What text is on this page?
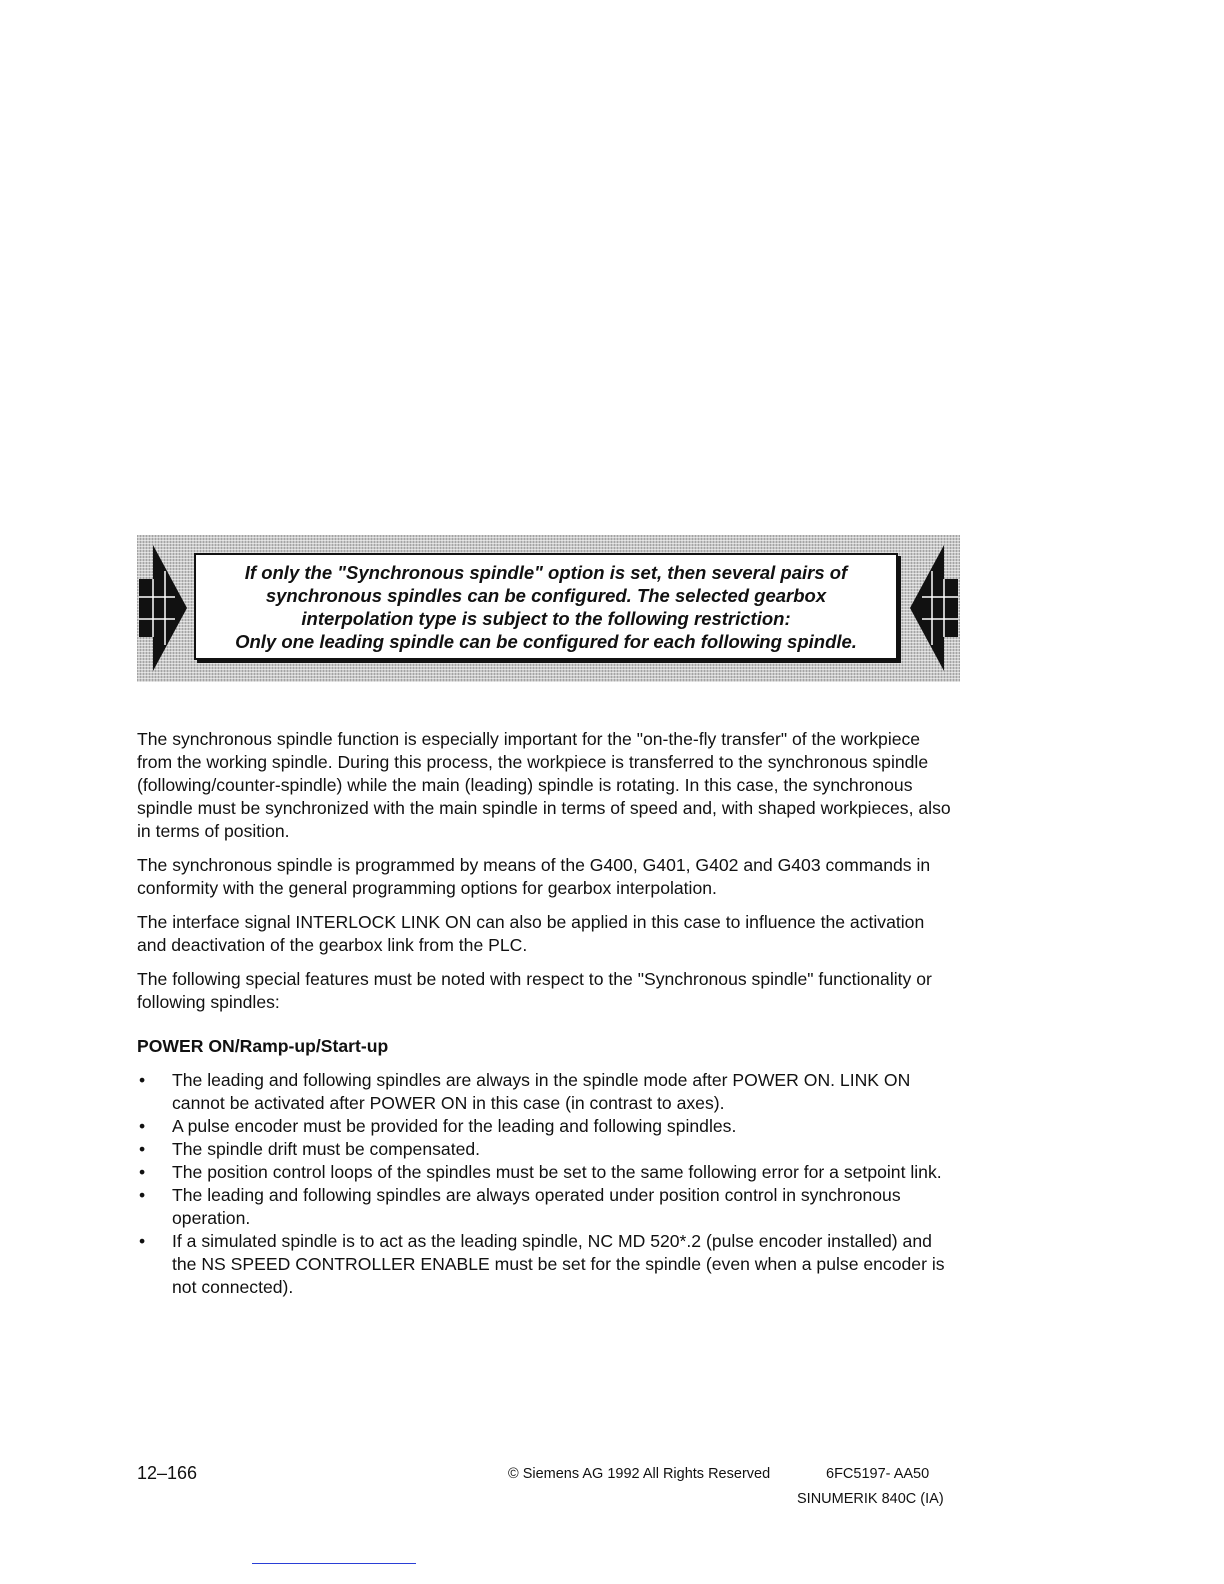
If only the "Synchronous spindle" option is set, then several pairs of
synchronous spindles can be configured. The selected gearbox
interpolation type is subject to the following restriction:
Only one leading spindle can be configured for each following spindle.

The synchronous spindle function is especially important for the "on-the-fly transfer" of the workpiece from the working spindle. During this process, the workpiece is transferred to the synchronous spindle (following/counter-spindle) while the main (leading) spindle is rotating. In this case, the synchronous spindle must be synchronized with the main spindle in terms of speed and, with shaped workpieces, also in terms of position.

The synchronous spindle is programmed by means of the G400, G401, G402 and G403 commands in conformity with the general programming options for gearbox interpolation.

The interface signal INTERLOCK LINK ON can also be applied in this case to influence the activation and deactivation of the gearbox link from the PLC.

The following special features must be noted with respect to the "Synchronous spindle" functionality or following spindles:

POWER ON/Ramp-up/Start-up
• The leading and following spindles are always in the spindle mode after POWER ON. LINK ON cannot be activated after POWER ON in this case (in contrast to axes).
• A pulse encoder must be provided for the leading and following spindles.
• The spindle drift must be compensated.
• The position control loops of the spindles must be set to the same following error for a setpoint link.
• The leading and following spindles are always operated under position control in synchronous operation.
• If a simulated spindle is to act as the leading spindle, NC MD 520*.2 (pulse encoder installed) and the NS SPEED CONTROLLER ENABLE must be set for the spindle (even when a pulse encoder is not connected).
12–166	© Siemens AG 1992 All Rights Reserved	6FC5197- AA50
SINUMERIK 840C (IA)
